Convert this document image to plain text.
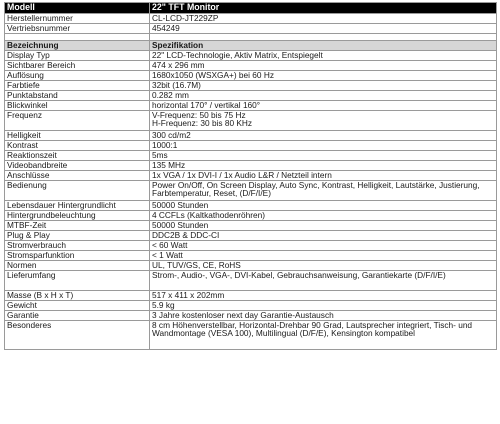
Modell	22" TFT Monitor
Herstellernummer	CL-LCD-JT229ZP
Vertriebsnummer	454249

Bezeichnung	Spezifikation
Display Typ	22" LCD-Technologie, Aktiv Matrix, Entspiegelt
Sichtbarer Bereich	474 x 296 mm
Auflösung	1680x1050 (WSXGA+) bei 60 Hz
Farbtiefe	32bit (16.7M)
Punktabstand	0.282 mm
Blickwinkel	horizontal 170° / vertikal 160°
Frequenz	V-Frequenz: 50 bis 75 Hz
H-Frequenz: 30 bis 80 KHz
Helligkeit	300 cd/m2
Kontrast	1000:1
Reaktionszeit	5ms
Videobandbreite	135 MHz
Anschlüsse	1x VGA / 1x DVI-I / 1x Audio L&R / Netzteil intern
Bedienung	Power On/Off, On Screen Display, Auto Sync, Kontrast, Helligkeit, Lautstärke, Justierung, Farbtemperatur, Reset, (D/F/I/E)
Lebensdauer Hintergrundlicht	50000 Stunden
Hintergrundbeleuchtung	4 CCFLs (Kaltkathodenröhren)
MTBF-Zeit	50000 Stunden
Plug & Play	DDC2B & DDC-CI
Stromverbrauch	< 60 Watt
Stromsparfunktion	< 1 Watt
Normen	UL, TUV/GS, CE, RoHS
Lieferumfang	Strom-, Audio-, VGA-, DVI-Kabel, Gebrauchsanweisung, Garantiekarte (D/F/I/E)
Masse (B x H x T)	517 x 411 x 202mm
Gewicht	5.9 kg
Garantie	3 Jahre kostenloser next day Garantie-Austausch
Besonderes	8 cm Höhenverstellbar, Horizontal-Drehbar 90 Grad, Lautsprecher integriert, Tisch- und Wandmontage (VESA 100), Multilingual (D/F/E), Kensington kompatibel
